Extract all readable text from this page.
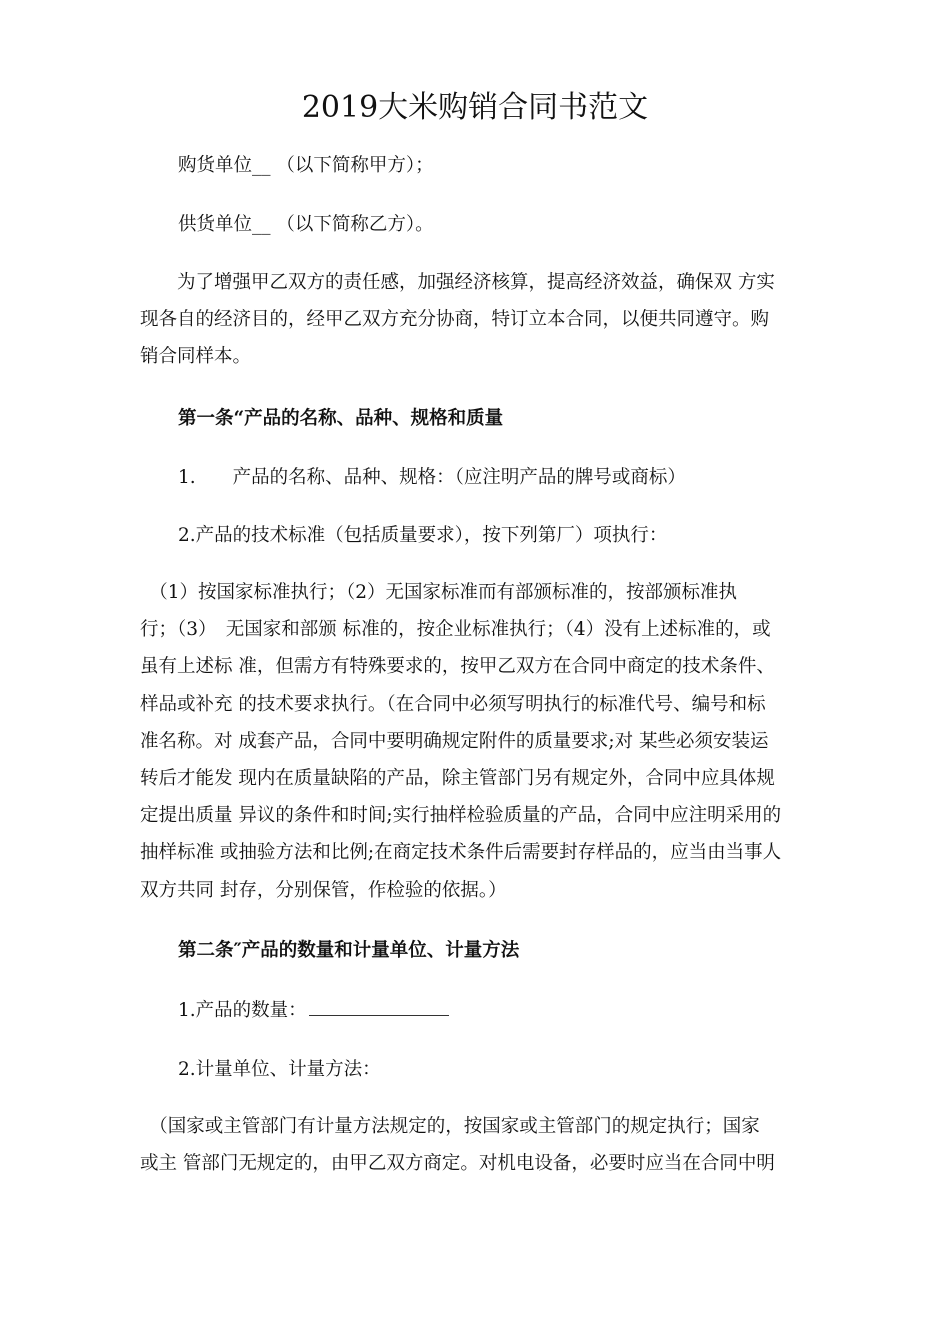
2019大米购销合同书范文
购货单位__ （以下简称甲方）；
供货单位__ （以下简称乙方）。
　　为了增强甲乙双方的责任感，加强经济核算，提高经济效益，确保双 方实
现各自的经济目的，经甲乙双方充分协商，特订立本合同，以便共同遵守。购
销合同样本。
第一条“产品的名称、品种、规格和质量
1.　　产品的名称、品种、规格：（应注明产品的牌号或商标）
2.产品的技术标准（包括质量要求），按下列第厂）项执行：
　（1）按国家标准执行；（2）无国家标准而有部颁标准的，按部颁标准执
行；（3）　无国家和部颁 标准的，按企业标准执行；（4）没有上述标准的，或
虽有上述标 准，但需方有特殊要求的，按甲乙双方在合同中商定的技术条件、
样品或补充 的技术要求执行。（在合同中必须写明执行的标准代号、编号和标
准名称。对 成套产品，合同中要明确规定附件的质量要求;对 某些必须安装运
转后才能发 现内在质量缺陷的产品，除主管部门另有规定外，合同中应具体规
定提出质量 异议的条件和时间;实行抽样检验质量的产品，合同中应注明采用的
抽样标准 或抽验方法和比例;在商定技术条件后需要封存样品的，应当由当事人
双方共同 封存，分别保管，作检验的依据。）
第二条″产品的数量和计量单位、计量方法
1.产品的数量：
2.计量单位、计量方法：
　（国家或主管部门有计量方法规定的，按国家或主管部门的规定执行；国家
或主 管部门无规定的，由甲乙双方商定。对机电设备，必要时应当在合同中明
